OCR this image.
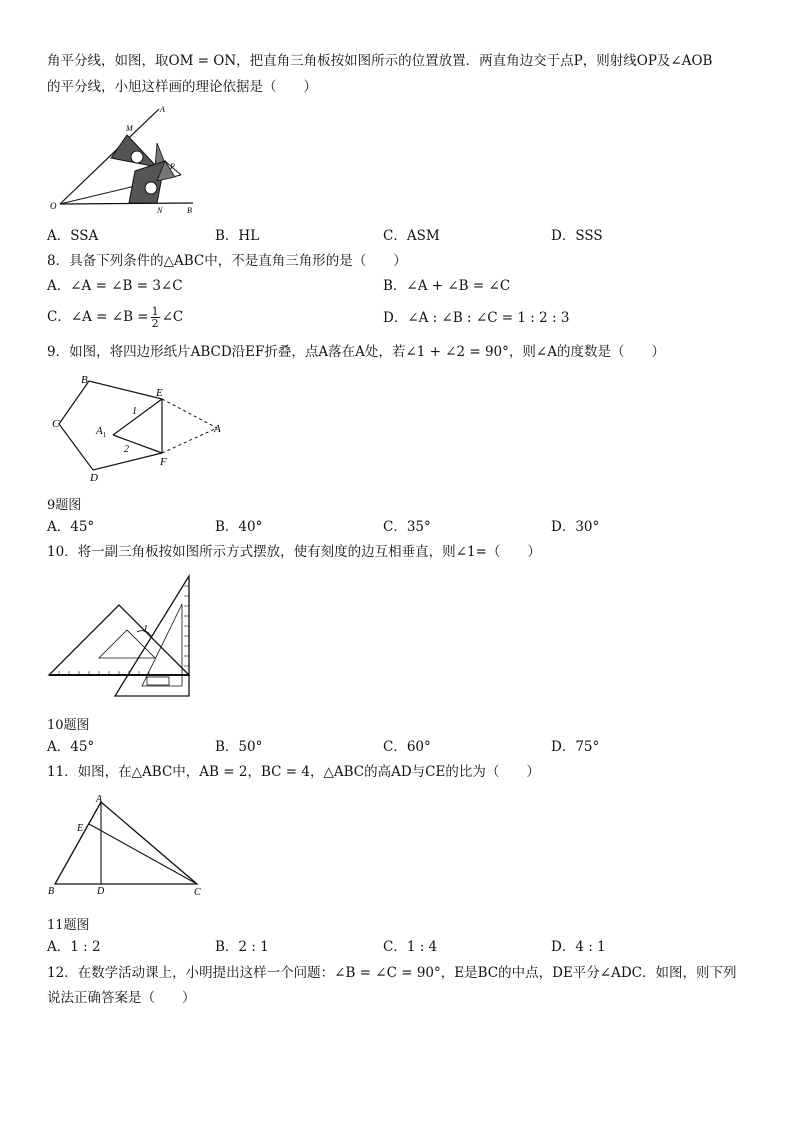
角平分线，如图，取OM = ON，把直角三角板按如图所示的位置放置．两直角边交于点P，则射线OP及∠AOB
的平分线，小旭这样画的理论依据是（　　）
M
A
P
O	N	B
A．SSA	B．HL	C．ASM	D．SSS
8．具备下列条件的△ABC中，不是直角三角形的是（　　）
A．∠A = ∠B = 3∠C	B．∠A + ∠B = ∠C
C．∠A = ∠B = $\frac{1}{2}$ ∠C	D．∠A : ∠B : ∠C = 1 : 2 : 3
9．如图，将四边形纸片ABCD沿EF折叠，点A落在A处，若∠1 + ∠2 = 90°，则∠A的度数是（　　）
B
E
C
1
$A_1$	A
2
F
D
9题图
A．45°	B．40°	C．35°	D．30°
10．将一副三角板按如图所示方式摆放，使有刻度的边互相垂直，则∠1=（　　）
1
10题图
A．45°	B．50°	C．60°	D．75°
11．如图，在△ABC中，AB = 2，BC = 4，△ABC的高AD与CE的比为（　　）
A
E
B	D	C
11题图
A．1 : 2	B．2 : 1	C．1 : 4	D．4 : 1
12．在数学活动课上，小明提出这样一个问题：∠B = ∠C = 90°，E是BC的中点，DE平分∠ADC．如图，则下列
说法正确答案是（　　）
